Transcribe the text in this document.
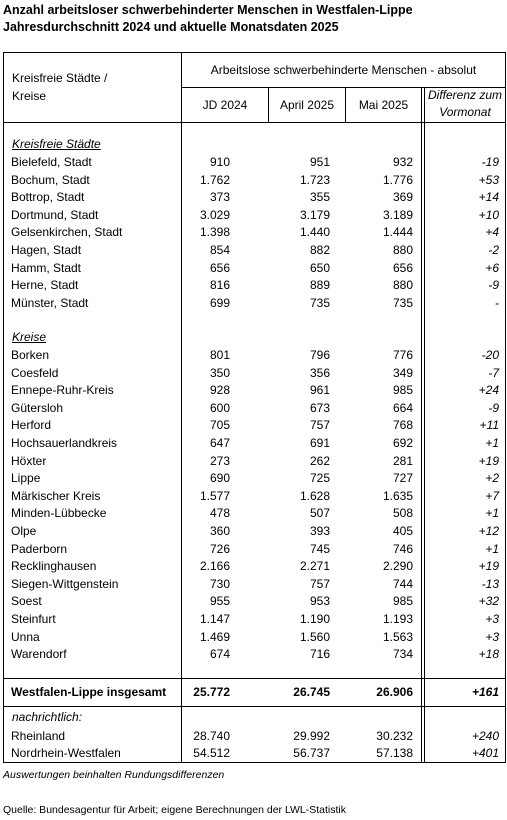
Anzahl arbeitsloser schwerbehinderter Menschen in Westfalen-Lippe
Jahresdurchschnitt 2024 und aktuelle Monatsdaten 2025
Kreisfreie Städte /
Kreise
Arbeitslose schwerbehinderte Menschen - absolut
JD 2024	April 2025	Mai 2025
Differenz zum
Vormonat
Kreisfreie Städte
Bielefeld, Stadt	910	951	932	-19
Bochum, Stadt	1.762	1.723	1.776	+53
Bottrop, Stadt	373	355	369	+14
Dortmund, Stadt	3.029	3.179	3.189	+10
Gelsenkirchen, Stadt	1.398	1.440	1.444	+4
Hagen, Stadt	854	882	880	-2
Hamm, Stadt	656	650	656	+6
Herne, Stadt	816	889	880	-9
Münster, Stadt	699	735	735	-
Kreise
Borken	801	796	776	-20
Coesfeld	350	356	349	-7
Ennepe-Ruhr-Kreis	928	961	985	+24
Gütersloh	600	673	664	-9
Herford	705	757	768	+11
Hochsauerlandkreis	647	691	692	+1
Höxter	273	262	281	+19
Lippe	690	725	727	+2
Märkischer Kreis	1.577	1.628	1.635	+7
Minden-Lübbecke	478	507	508	+1
Olpe	360	393	405	+12
Paderborn	726	745	746	+1
Recklinghausen	2.166	2.271	2.290	+19
Siegen-Wittgenstein	730	757	744	-13
Soest	955	953	985	+32
Steinfurt	1.147	1.190	1.193	+3
Unna	1.469	1.560	1.563	+3
Warendorf	674	716	734	+18
Westfalen-Lippe insgesamt 25.772	26.745	26.906	+161
nachrichtlich:
Rheinland	28.740	29.992	30.232	+240
Nordrhein-Westfalen	54.512	56.737	57.138	+401
Auswertungen beinhalten Rundungsdifferenzen
Quelle: Bundesagentur für Arbeit; eigene Berechnungen der LWL-Statistik
